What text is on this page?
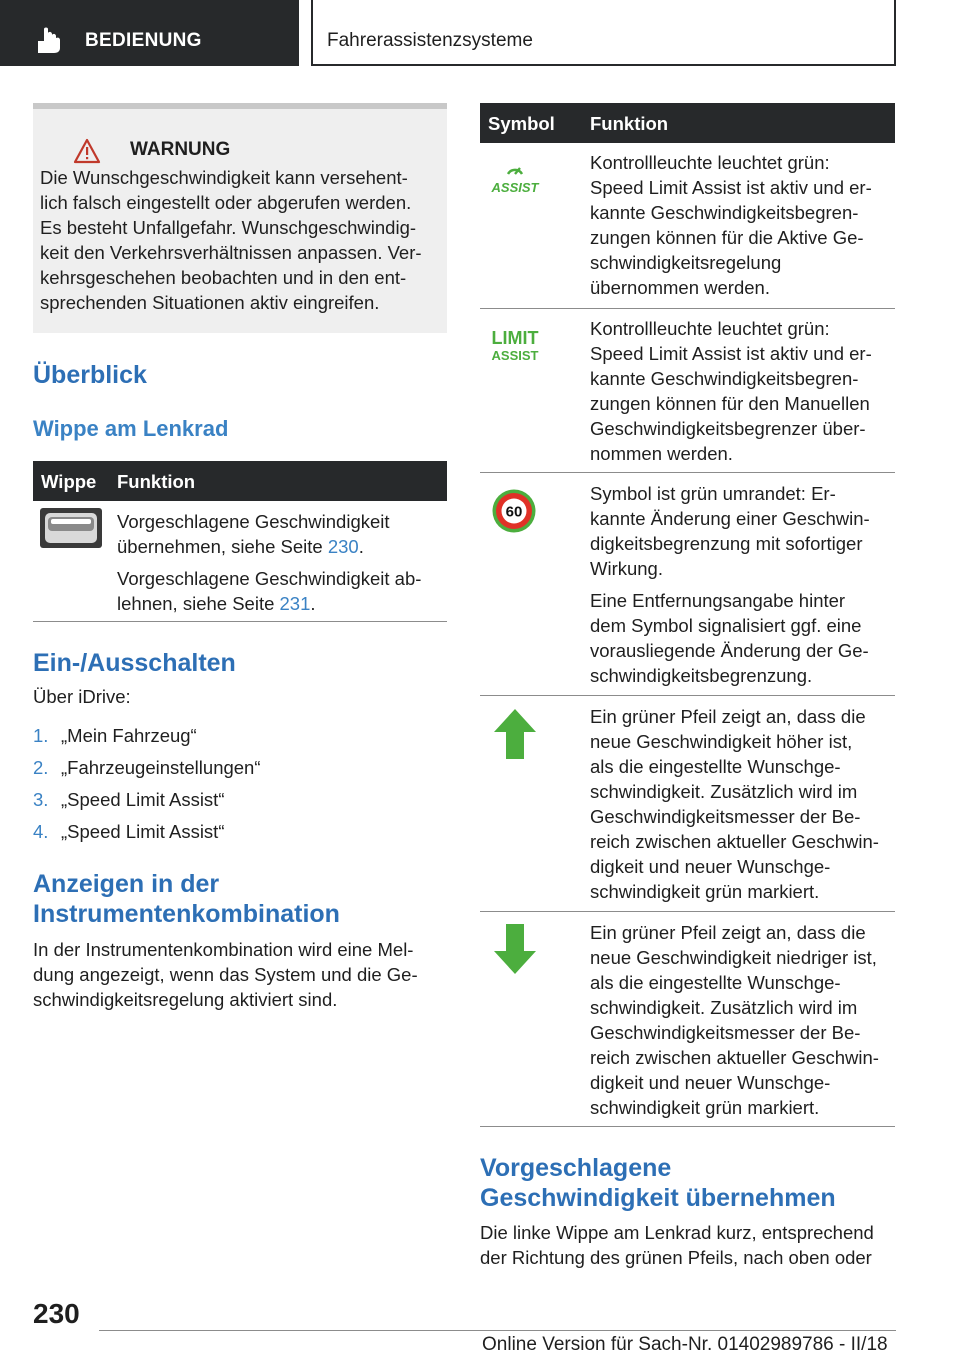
BEDIENUNG	Fahrerassistenzsysteme
WARNUNG
Die Wunschgeschwindigkeit kann versehent-
lich falsch eingestellt oder abgerufen werden.
Es besteht Unfallgefahr. Wunschgeschwindig-
keit den Verkehrsverhältnissen anpassen. Ver-
kehrsgeschehen beobachten und in den ent-
sprechenden Situationen aktiv eingreifen.
Überblick
Wippe am Lenkrad
Wippe Funktion
Vorgeschlagene Geschwindigkeit
übernehmen, siehe Seite 230.
Vorgeschlagene Geschwindigkeit ab-
lehnen, siehe Seite 231.
Ein-/Ausschalten
Über iDrive:
1. „Mein Fahrzeug“
2. „Fahrzeugeinstellungen“
3. „Speed Limit Assist“
4. „Speed Limit Assist“
Anzeigen in der
Instrumentenkombination
In der Instrumentenkombination wird eine Mel-
dung angezeigt, wenn das System und die Ge-
schwindigkeitsregelung aktiviert sind.
Symbol Funktion
ASSIST
Kontrollleuchte leuchtet grün:
Speed Limit Assist ist aktiv und er-
kannte Geschwindigkeitsbegren-
zungen können für die Aktive Ge-
schwindigkeitsregelung
übernommen werden.
LIMIT
ASSIST
Kontrollleuchte leuchtet grün:
Speed Limit Assist ist aktiv und er-
kannte Geschwindigkeitsbegren-
zungen können für den Manuellen
Geschwindigkeitsbegrenzer über-
nommen werden.
60
Symbol ist grün umrandet: Er-
kannte Änderung einer Geschwin-
digkeitsbegrenzung mit sofortiger
Wirkung.
Eine Entfernungsangabe hinter
dem Symbol signalisiert ggf. eine
vorausliegende Änderung der Ge-
schwindigkeitsbegrenzung.
Ein grüner Pfeil zeigt an, dass die
neue Geschwindigkeit höher ist,
als die eingestellte Wunschge-
schwindigkeit. Zusätzlich wird im
Geschwindigkeitsmesser der Be-
reich zwischen aktueller Geschwin-
digkeit und neuer Wunschge-
schwindigkeit grün markiert.
Ein grüner Pfeil zeigt an, dass die
neue Geschwindigkeit niedriger ist,
als die eingestellte Wunschge-
schwindigkeit. Zusätzlich wird im
Geschwindigkeitsmesser der Be-
reich zwischen aktueller Geschwin-
digkeit und neuer Wunschge-
schwindigkeit grün markiert.
Vorgeschlagene
Geschwindigkeit übernehmen
Die linke Wippe am Lenkrad kurz, entsprechend
der Richtung des grünen Pfeils, nach oben oder
230
Online Version für Sach-Nr. 01402989786 - II/18
